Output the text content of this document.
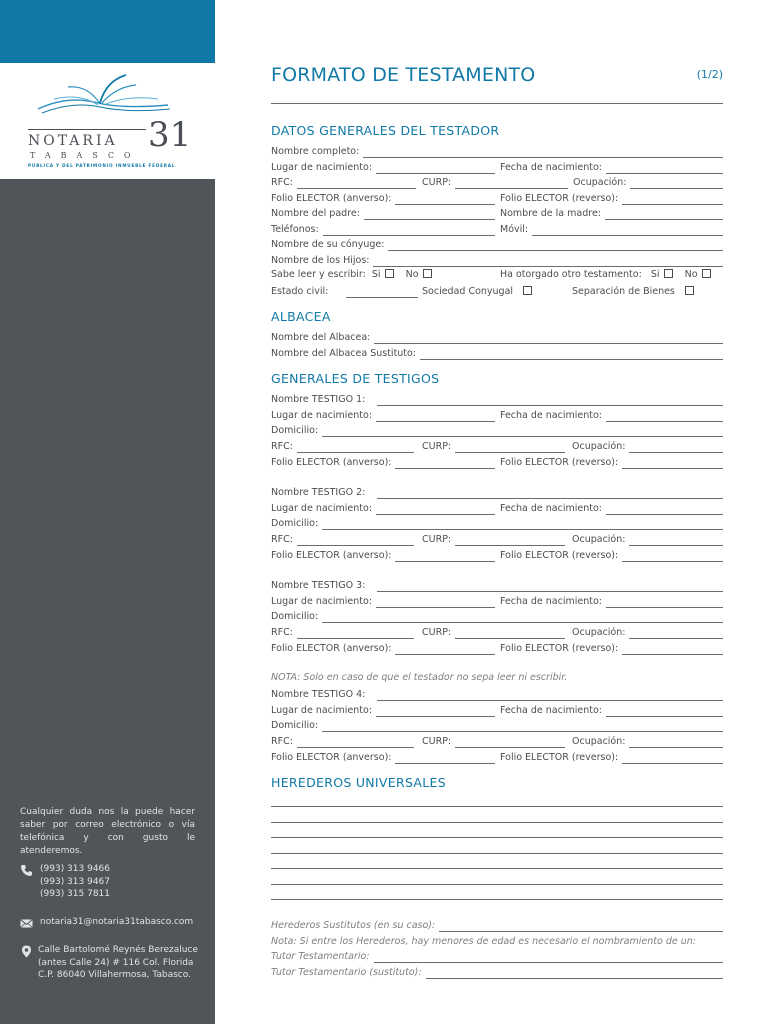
NOTARIA 31
TABASCO
PÚBLICA Y DEL PATRIMONIO INMUEBLE FEDERAL
Cualquier duda nos la puede hacer saber por correo electrónico o vía telefónica y con gusto le atenderemos.
(993) 313 9466
(993) 313 9467
(993) 315 7811
notaria31@notaria31tabasco.com
Calle Bartolomé Reynés Berezaluce
(antes Calle 24) # 116 Col. Florida
C.P. 86040 Villahermosa, Tabasco.
FORMATO DE TESTAMENTO	(1/2)
DATOS GENERALES DEL TESTADOR
Nombre completo:
Lugar de nacimiento:	Fecha de nacimiento:
RFC:	CURP:	Ocupación:
Folio ELECTOR (anverso):	Folio ELECTOR (reverso):
Nombre del padre:	Nombre de la madre:
Teléfonos:	Móvil:
Nombre de su cónyuge:
Nombre de los Hijos:
Sabe leer y escribir: Si	No	Ha otorgado otro testamento: Si	No
Estado civil:	Sociedad Conyugal	Separación de Bienes
ALBACEA
Nombre del Albacea:
Nombre del Albacea Sustituto:
GENERALES DE TESTIGOS
Nombre TESTIGO 1:
Lugar de nacimiento:	Fecha de nacimiento:
Domicilio:
RFC:	CURP:	Ocupación:
Folio ELECTOR (anverso):	Folio ELECTOR (reverso):
Nombre TESTIGO 2:
Lugar de nacimiento:	Fecha de nacimiento:
Domicilio:
RFC:	CURP:	Ocupación:
Folio ELECTOR (anverso):	Folio ELECTOR (reverso):
Nombre TESTIGO 3:
Lugar de nacimiento:	Fecha de nacimiento:
Domicilio:
RFC:	CURP:	Ocupación:
Folio ELECTOR (anverso):	Folio ELECTOR (reverso):
NOTA: Solo en caso de que el testador no sepa leer ni escribir.
Nombre TESTIGO 4:
Lugar de nacimiento:	Fecha de nacimiento:
Domicilio:
RFC:	CURP:	Ocupación:
Folio ELECTOR (anverso):	Folio ELECTOR (reverso):
HEREDEROS UNIVERSALES
Herederos Sustitutos (en su caso):
Nota: Si entre los Herederos, hay menores de edad es necesario el nombramiento de un:
Tutor Testamentario:
Tutor Testamentario (sustituto):
